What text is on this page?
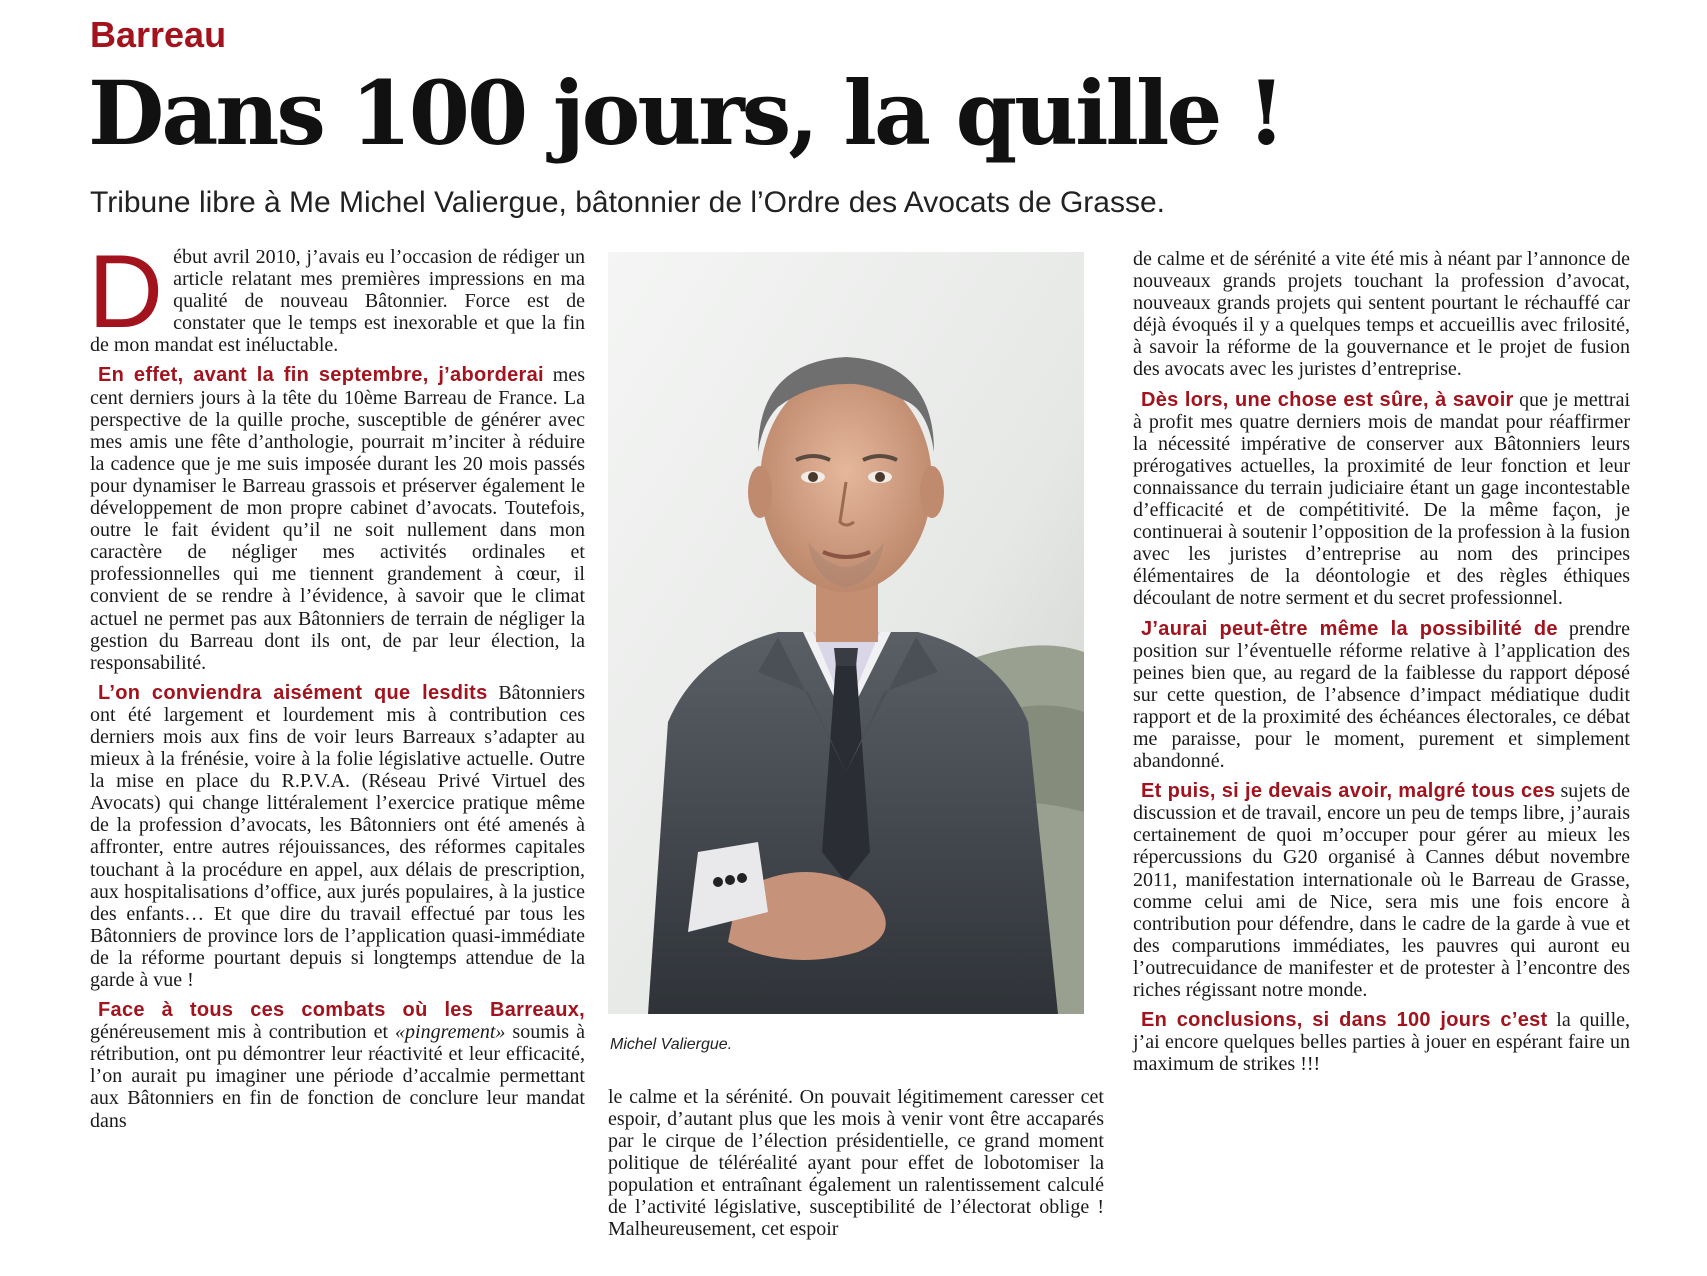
Barreau
Dans 100 jours, la quille !
Tribune libre à Me Michel Valiergue, bâtonnier de l’Ordre des Avocats de Grasse.

Début avril 2010, j’avais eu l’occasion de rédiger un article relatant mes premières impressions en ma qualité de nouveau Bâtonnier. Force est de constater que le temps est inexorable et que la fin de mon mandat est inéluctable.

En effet, avant la fin septembre, j’aborderai mes cent derniers jours à la tête du 10ème Barreau de France. La perspective de la quille proche, susceptible de générer avec mes amis une fête d’anthologie, pourrait m’inciter à réduire la cadence que je me suis imposée durant les 20 mois passés pour dynamiser le Barreau grassois et préserver également le développement de mon propre cabinet d’avocats. Toutefois, outre le fait évident qu’il ne soit nullement dans mon caractère de négliger mes activités ordinales et professionnelles qui me tiennent grandement à cœur, il convient de se rendre à l’évidence, à savoir que le climat actuel ne permet pas aux Bâtonniers de terrain de négliger la gestion du Barreau dont ils ont, de par leur élection, la responsabilité.

L’on conviendra aisément que lesdits Bâtonniers ont été largement et lourdement mis à contribution ces derniers mois aux fins de voir leurs Barreaux s’adapter au mieux à la frénésie, voire à la folie législative actuelle. Outre la mise en place du R.P.V.A. (Réseau Privé Virtuel des Avocats) qui change littéralement l’exercice pratique même de la profession d’avocats, les Bâtonniers ont été amenés à affronter, entre autres réjouissances, des réformes capitales touchant à la procédure en appel, aux délais de prescription, aux hospitalisations d’office, aux jurés populaires, à la justice des enfants… Et que dire du travail effectué par tous les Bâtonniers de province lors de l’application quasi-immédiate de la réforme pourtant depuis si longtemps attendue de la garde à vue !

Face à tous ces combats où les Barreaux, généreusement mis à contribution et «pingrement» soumis à rétribution, ont pu démontrer leur réactivité et leur efficacité, l’on aurait pu imaginer une période d’accalmie permettant aux Bâtonniers en fin de fonction de conclure leur mandat dans

Michel Valiergue.

le calme et la sérénité. On pouvait légitimement caresser cet espoir, d’autant plus que les mois à venir vont être accaparés par le cirque de l’élection présidentielle, ce grand moment politique de téléréalité ayant pour effet de lobotomiser la population et entraînant également un ralentissement calculé de l’activité législative, susceptibilité de l’électorat oblige ! Malheureusement, cet espoir

de calme et de sérénité a vite été mis à néant par l’annonce de nouveaux grands projets touchant la profession d’avocat, nouveaux grands projets qui sentent pourtant le réchauffé car déjà évoqués il y a quelques temps et accueillis avec frilosité, à savoir la réforme de la gouvernance et le projet de fusion des avocats avec les juristes d’entreprise.

Dès lors, une chose est sûre, à savoir que je mettrai à profit mes quatre derniers mois de mandat pour réaffirmer la nécessité impérative de conserver aux Bâtonniers leurs prérogatives actuelles, la proximité de leur fonction et leur connaissance du terrain judiciaire étant un gage incontestable d’efficacité et de compétitivité. De la même façon, je continuerai à soutenir l’opposition de la profession à la fusion avec les juristes d’entreprise au nom des principes élémentaires de la déontologie et des règles éthiques découlant de notre serment et du secret professionnel.

J’aurai peut-être même la possibilité de prendre position sur l’éventuelle réforme relative à l’application des peines bien que, au regard de la faiblesse du rapport déposé sur cette question, de l’absence d’impact médiatique dudit rapport et de la proximité des échéances électorales, ce débat me paraisse, pour le moment, purement et simplement abandonné.

Et puis, si je devais avoir, malgré tous ces sujets de discussion et de travail, encore un peu de temps libre, j’aurais certainement de quoi m’occuper pour gérer au mieux les répercussions du G20 organisé à Cannes début novembre 2011, manifestation internationale où le Barreau de Grasse, comme celui ami de Nice, sera mis une fois encore à contribution pour défendre, dans le cadre de la garde à vue et des comparutions immédiates, les pauvres qui auront eu l’outrecuidance de manifester et de protester à l’encontre des riches régissant notre monde.

En conclusions, si dans 100 jours c’est la quille, j’ai encore quelques belles parties à jouer en espérant faire un maximum de strikes !!!
